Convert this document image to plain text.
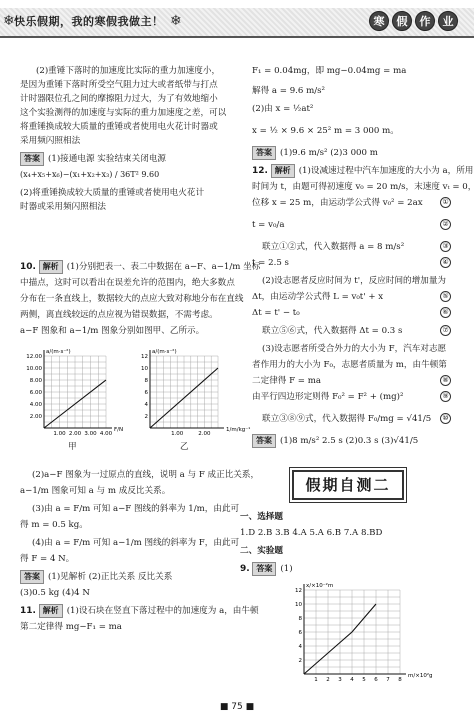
❄ 快乐假期，我的寒假我做主！ ❄	寒	假	作	业
(2)重锤下落时的加速度比实际的重力加速度小，
是因为重锤下落时所受空气阻力过大或者纸带与打点
计时器限位孔之间的摩擦阻力过大，为了有效地缩小
这个实验测得的加速度与实际的重力加速度之差，可以
将重锤换成较大质量的重锤或者使用电火花计时器或
采用频闪照相法
答案 (1)接通电源 实验结束关闭电源
(x₄+x₅+x₆)−(x₁+x₂+x₃) / 36T² 9.60
(2)将重锤换成较大质量的重锤或者使用电火花计
时器或采用频闪照相法
10. 解析 (1)分别把表一、表二中数据在 a−F、a−1/m 坐标
中描点，这时可以看出在误差允许的范围内，绝大多数点
分布在一条直线上，数据较大的点应大致对称地分布在直线
两侧，离直线较远的点应视为错误数据，不需考虑。
a−F 图象和 a−1/m 图象分别如图甲、乙所示。
12.00
10.00
8.00
6.00
4.00
2.00
1.00 2.00 3.00 4.00
a/(m·s⁻²)
F/N
甲
12
10
8
6
4
2
1.00	2.00
a/(m·s⁻²)
1/m/kg⁻¹
乙
(2)a−F 图象为一过原点的直线，说明 a 与 F 成正比关系，
a−1/m 图象可知 a 与 m 成反比关系。
(3)由 a = F/m 可知 a−F 图线的斜率为 1/m，由此可
得 m = 0.5 kg。
(4)由 a = F/m 可知 a−1/m 图线的斜率为 F，由此可
得 F = 4 N。
答案 (1)见解析 (2)正比关系 反比关系
(3)0.5 kg (4)4 N
11. 解析 (1)设石块在竖直下落过程中的加速度为 a，由牛顿
第二定律得 mg−F₁ = ma
F₁ = 0.04mg，即 mg−0.04mg = ma
解得 a = 9.6 m/s²
(2)由 x = ½at²
x = ½ × 9.6 × 25² m = 3 000 m。
答案 (1)9.6 m/s² (2)3 000 m
12. 解析 (1)设减速过程中汽车加速度的大小为 a，所用
时间为 t，由题可得初速度 v₀ = 20 m/s，末速度 vₜ = 0，
位移 x = 25 m，由运动学公式得 v₀² = 2ax	①
t = v₀/a	②
联立①②式，代入数据得 a = 8 m/s²	③
t = 2.5 s	④
(2)设志愿者反应时间为 t'，反应时间的增加量为
Δt，由运动学公式得 L = v₀t' + x	⑤
Δt = t' − t₀	⑥
联立⑤⑥式，代入数据得 Δt = 0.3 s	⑦
(3)设志愿者所受合外力的大小为 F，汽车对志愿
者作用力的大小为 F₀，志愿者质量为 m，由牛顿第
二定律得 F = ma	⑧
由平行四边形定则得 F₀² = F² + (mg)²	⑨
联立③⑧⑨式，代入数据得 F₀/mg = √41/5	⑩
答案 (1)8 m/s² 2.5 s (2)0.3 s (3)√41/5
假期自测二
一、选择题
1.D 2.B 3.B 4.A 5.A 6.B 7.A 8.BD
二、实验题
9. 答案 (1)
12
10
8
6
4
2
1 2 3 4 5 6 7 8
x/×10⁻²m
m/×10²g
■ 75 ■
